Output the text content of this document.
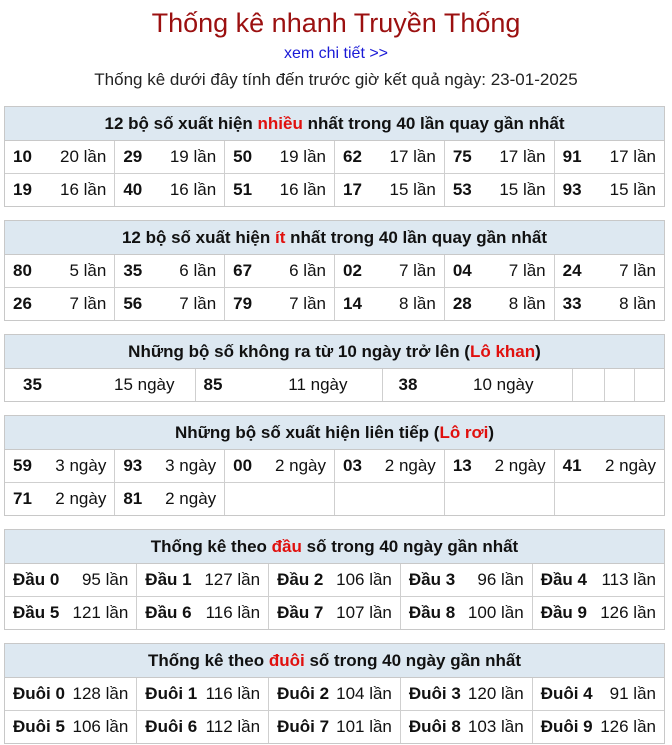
Thống kê nhanh Truyền Thống
xem chi tiết >>
Thống kê dưới đây tính đến trước giờ kết quả ngày: 23-01-2025
12 bộ số xuất hiện nhiều nhất trong 40 lần quay gần nhất
10 20 lần	29 19 lần	50 19 lần	62 17 lần	75 17 lần	91 17 lần

19 16 lần	40 16 lần	51 16 lần	17 15 lần	53 15 lần	93 15 lần
12 bộ số xuất hiện ít nhất trong 40 lần quay gần nhất
80 5 lần	35 6 lần	67 6 lần	02 7 lần	04 7 lần	24 7 lần

26 7 lần	56 7 lần	79 7 lần	14 8 lần	28 8 lần	33 8 lần
Những bộ số không ra từ 10 ngày trở lên (Lô khan)
35	15 ngày	85	11 ngày	38	10 ngày

Những bộ số xuất hiện liên tiếp (Lô rơi)
59 3 ngày	93 3 ngày	00 2 ngày	03 2 ngày	13 2 ngày	41 2 ngày

71 2 ngày	81 2 ngày				

Thống kê theo đầu số trong 40 ngày gần nhất
Đầu 0 95 lần	Đầu 1 127 lần	Đầu 2 106 lần	Đầu 3 96 lần	Đầu 4 113 lần

Đầu 5 121 lần	Đầu 6 116 lần	Đầu 7 107 lần	Đầu 8 100 lần	Đầu 9 126 lần
Thống kê theo đuôi số trong 40 ngày gần nhất
Đuôi 0 128 lần	Đuôi 1 116 lần	Đuôi 2 104 lần	Đuôi 3 120 lần	Đuôi 4 91 lần

Đuôi 5 106 lần	Đuôi 6 112 lần	Đuôi 7 101 lần	Đuôi 8 103 lần	Đuôi 9 126 lần
